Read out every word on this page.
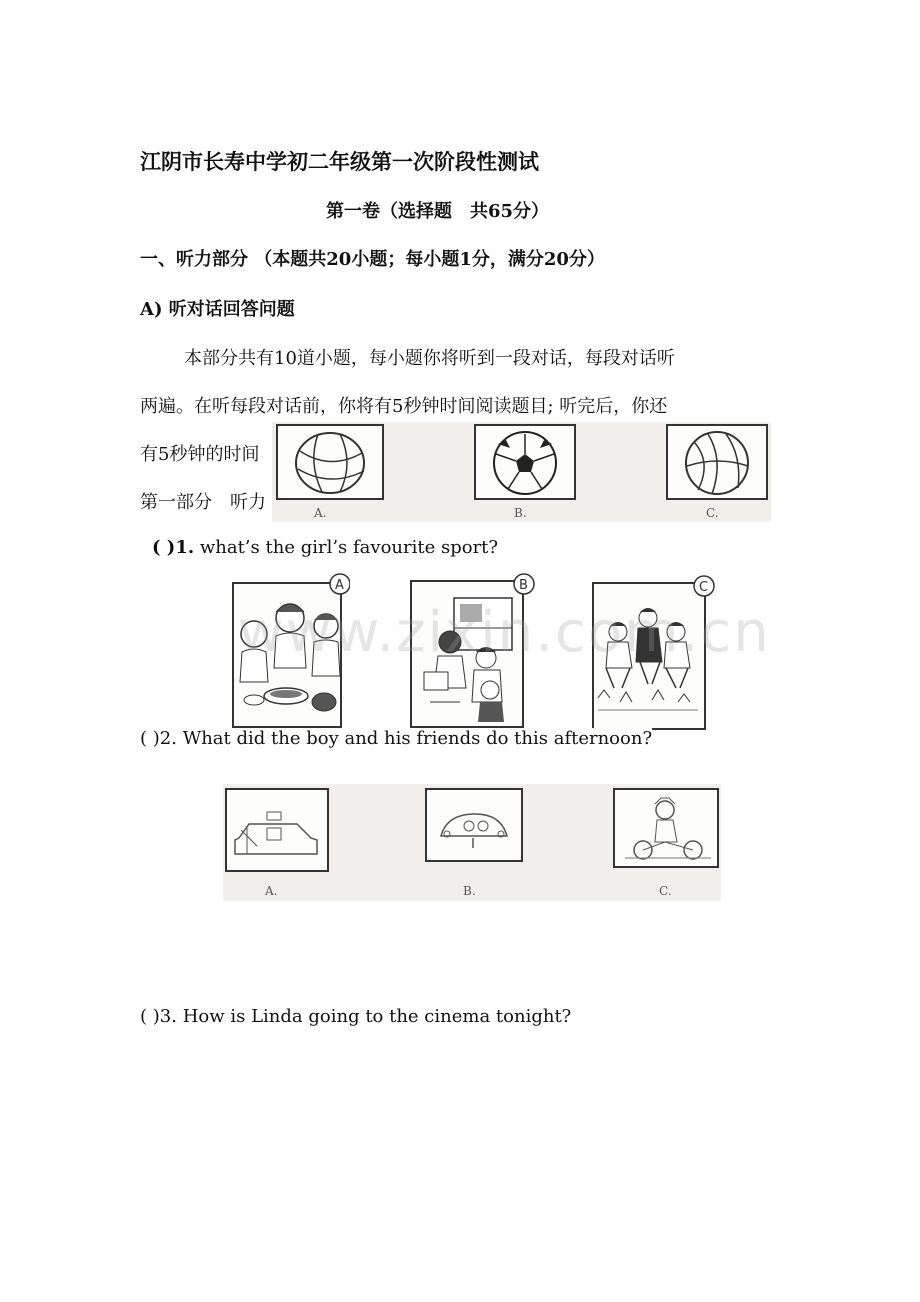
江阴市长寿中学初二年级第一次阶段性测试
第一卷（选择题　共65分）
一、听力部分 （本题共20小题；每小题1分，满分20分）
A) 听对话回答问题
本部分共有10道小题，每小题你将听到一段对话，每段对话听
两遍。在听每段对话前，你将有5秒钟时间阅读题目; 听完后，你还
有5秒钟的时间
第一部分　听力	A.	B.	C.
( )1. what’s the girl’s favourite sport?
A	B	C
( )2. What did the boy and his friends do this afternoon?
A.	B.	C.
( )3. How is Linda going to the cinema tonight?
www.zixin.com.cn
